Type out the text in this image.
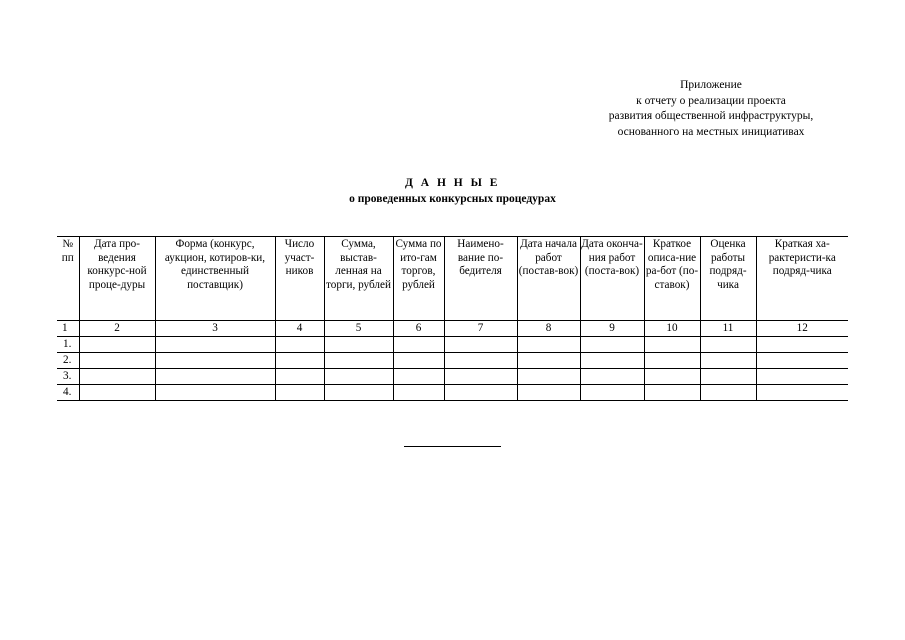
Приложение
к отчету о реализации проекта
развития общественной инфраструктуры,
основанного на местных инициативах
Д А Н Н Ы Е
о проведенных конкурсных процедурах
№ пп	Дата про-ведения конкурс-ной проце-дуры	Форма (конкурс, аукцион, котиров-ки, единственный поставщик)	Число участ-ников	Сумма, выстав-ленная на торги, рублей	Сумма по ито-гам торгов, рублей	Наимено-вание по-бедителя	Дата начала работ (постав-вок)	Дата оконча-ния работ (поста-вок)	Краткое описа-ние ра-бот (по-ставок)	Оценка работы подряд-чика	Краткая ха-рактеристи-ка подряд-чика
1	2	3	4	5	6	7	8	9	10	11	12
1.											
2.											
3.											
4.											
